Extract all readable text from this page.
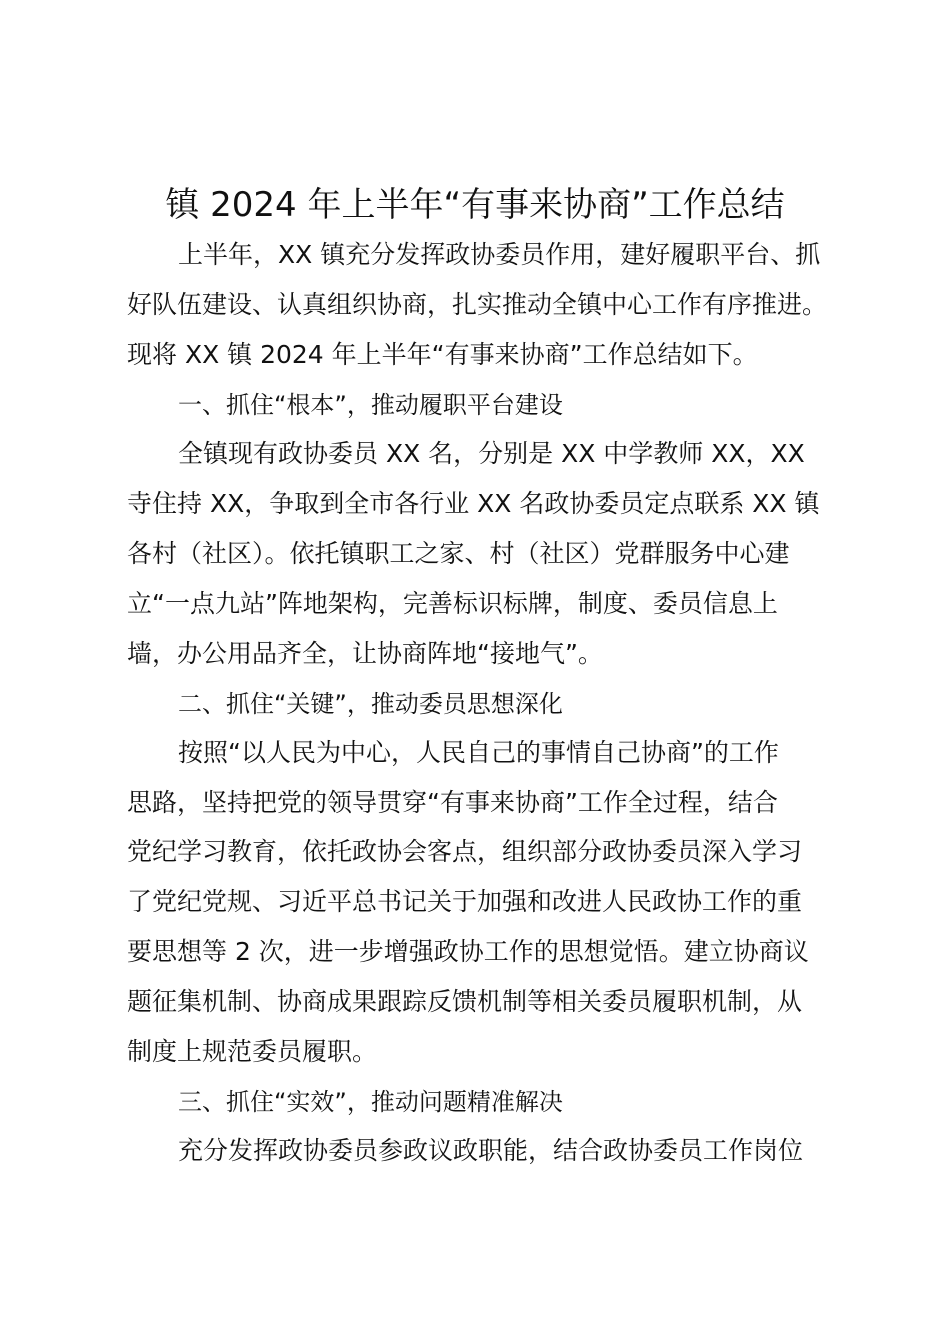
镇 2024 年上半年“有事来协商”工作总结

上半年，XX 镇充分发挥政协委员作用，建好履职平台、抓

好队伍建设、认真组织协商，扎实推动全镇中心工作有序推进。

现将 XX 镇 2024 年上半年“有事来协商”工作总结如下。

一、抓住“根本”，推动履职平台建设

全镇现有政协委员 XX 名，分别是 XX 中学教师 XX，XX

寺住持 XX，争取到全市各行业 XX 名政协委员定点联系 XX 镇

各村（社区）。依托镇职工之家、村（社区）党群服务中心建

立“一点九站”阵地架构，完善标识标牌，制度、委员信息上

墙，办公用品齐全，让协商阵地“接地气”。

二、抓住“关键”，推动委员思想深化

按照“以人民为中心，人民自己的事情自己协商”的工作

思路，坚持把党的领导贯穿“有事来协商”工作全过程，结合

党纪学习教育，依托政协会客点，组织部分政协委员深入学习

了党纪党规、习近平总书记关于加强和改进人民政协工作的重

要思想等 2 次，进一步增强政协工作的思想觉悟。建立协商议

题征集机制、协商成果跟踪反馈机制等相关委员履职机制，从

制度上规范委员履职。

三、抓住“实效”，推动问题精准解决

充分发挥政协委员参政议政职能，结合政协委员工作岗位
